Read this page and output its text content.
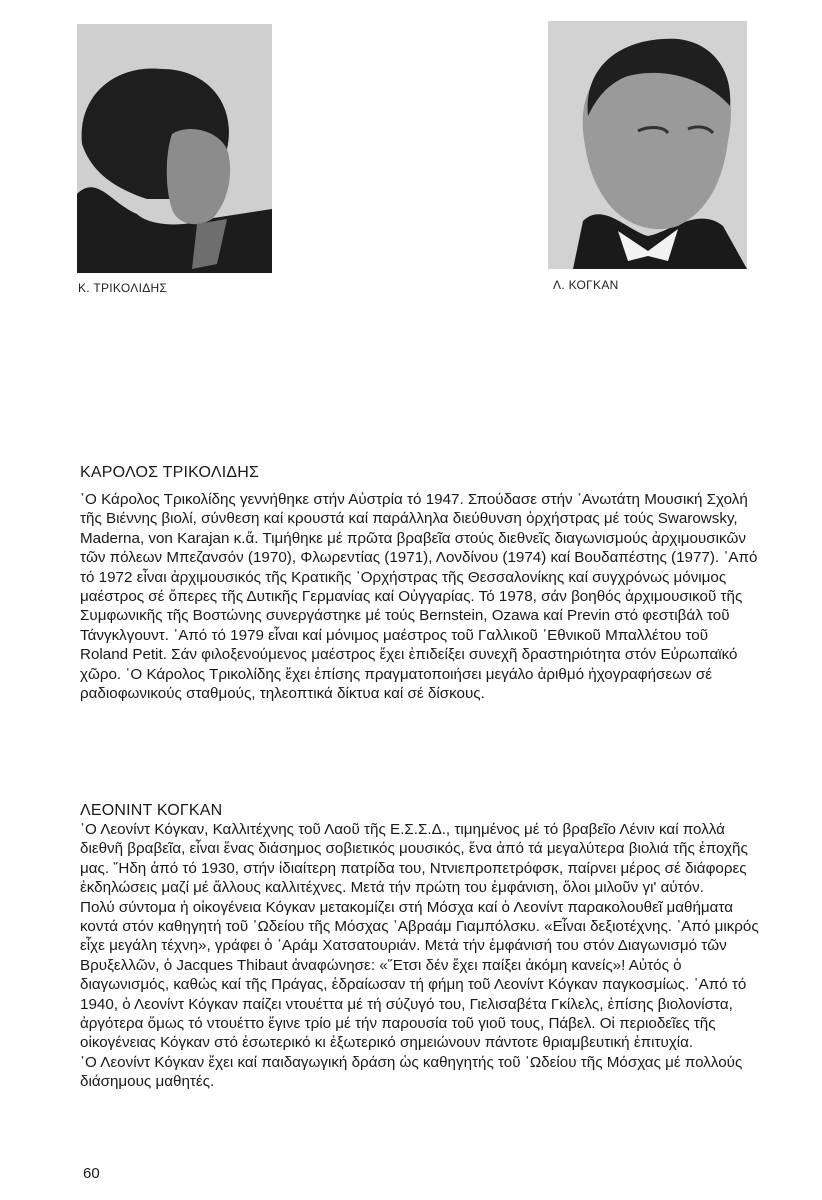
Κ. ΤΡΙΚΟΛΙΔΗΣ	Λ. ΚΟΓΚΑΝ
ΚΑΡΟΛΟΣ ΤΡΙΚΟΛΙΔΗΣ

῾Ο Κάρολος Τρικολίδης γεννήθηκε στήν Αὐστρία τό 1947. Σπούδασε στήν ᾿Ανωτάτη Μουσική Σχολή τῆς Βιέννης βιολί, σύνθεση καί κρουστά καί παράλληλα διεύθυνση ὀρχήστρας μέ τούς Swarowsky, Maderna, von Karajan κ.ἄ. Τιμήθηκε μέ πρῶτα βραβεῖα στούς διεθνεῖς διαγωνισμούς ἀρχιμουσικῶν τῶν πόλεων Μπεζανσόν (1970), Φλωρεντίας (1971), Λονδίνου (1974) καί Βουδαπέστης (1977). ᾿Από τό 1972 εἶναι ἀρχιμουσικός τῆς Κρατικῆς ᾿Ορχήστρας τῆς Θεσσαλονίκης καί συγχρόνως μόνιμος μαέστρος σέ ὄπερες τῆς Δυτικῆς Γερμανίας καί Οὐγγαρίας. Τό 1978, σάν βοηθός ἀρχιμουσικοῦ τῆς Συμφωνικῆς τῆς Βοστώνης συνεργάστηκε μέ τούς Bernstein, Ozawa καί Previn στό φεστιβάλ τοῦ Τάνγκλγουντ. ᾿Από τό 1979 εἶναι καί μόνιμος μαέστρος τοῦ Γαλλικοῦ ᾿Εθνικοῦ Μπαλλέτου τοῦ Roland Petit. Σάν φιλοξενούμενος μαέστρος ἔχει ἐπιδείξει συνεχῆ δραστηριότητα στόν Εὐρωπαϊκό χῶρο. ῾Ο Κάρολος Τρικολίδης ἔχει ἐπίσης πραγματοποιήσει μεγάλο ἀριθμό ἠχογραφήσεων σέ ραδιοφωνικούς σταθμούς, τηλεοπτικά δίκτυα καί σέ δίσκους.

ΛΕΟΝΙΝΤ ΚΟΓΚΑΝ

῾Ο Λεονίντ Κόγκαν, Καλλιτέχνης τοῦ Λαοῦ τῆς Ε.Σ.Σ.Δ., τιμημένος μέ τό βραβεῖο Λένιν καί πολλά διεθνῆ βραβεῖα, εἶναι ἕνας διάσημος σοβιετικός μουσικός, ἕνα ἀπό τά μεγαλύτερα βιολιά τῆς ἐποχῆς μας. ῎Ηδη ἀπό τό 1930, στήν ἰδιαίτερη πατρίδα του, Ντνιεπροπετρόφσκ, παίρνει μέρος σέ διάφορες ἐκδηλώσεις μαζί μέ ἄλλους καλλιτέχνες. Μετά τήν πρώτη του ἐμφάνιση, ὅλοι μιλοῦν γι' αὐτόν.

Πολύ σύντομα ἡ οἰκογένεια Κόγκαν μετακομίζει στή Μόσχα καί ὁ Λεονίντ παρακολουθεῖ μαθήματα κοντά στόν καθηγητή τοῦ ᾿Ωδείου τῆς Μόσχας ᾿Αβραάμ Γιαμπόλσκυ. «Εἶναι δεξιοτέχνης. ᾿Από μικρός εἶχε μεγάλη τέχνη», γράφει ὁ ᾿Αράμ Χατσατουριάν. Μετά τήν ἐμφάνισή του στόν Διαγωνισμό τῶν Βρυξελλῶν, ὁ Jacques Thibaut ἀναφώνησε: «῞Ετσι δέν ἔχει παίξει ἀκόμη κανείς»! Αὐτός ὁ διαγωνισμός, καθώς καί τῆς Πράγας, ἑδραίωσαν τή φήμη τοῦ Λεονίντ Κόγκαν παγκοσμίως. ᾿Από τό 1940, ὁ Λεονίντ Κόγκαν παίζει ντουέττα μέ τή σύζυγό του, Γιελισαβέτα Γκίλελς, ἐπίσης βιολονίστα, ἀργότερα ὅμως τό ντουέττο ἔγινε τρίο μέ τήν παρουσία τοῦ γιοῦ τους, Πάβελ. Οἱ περιοδεῖες τῆς οἰκογένειας Κόγκαν στό ἐσωτερικό κι ἐξωτερικό σημειώνουν πάντοτε θριαμβευτική ἐπιτυχία.

῾Ο Λεονίντ Κόγκαν ἔχει καί παιδαγωγική δράση ὡς καθηγητής τοῦ ᾿Ωδείου τῆς Μόσχας μέ πολλούς διάσημους μαθητές.

60
